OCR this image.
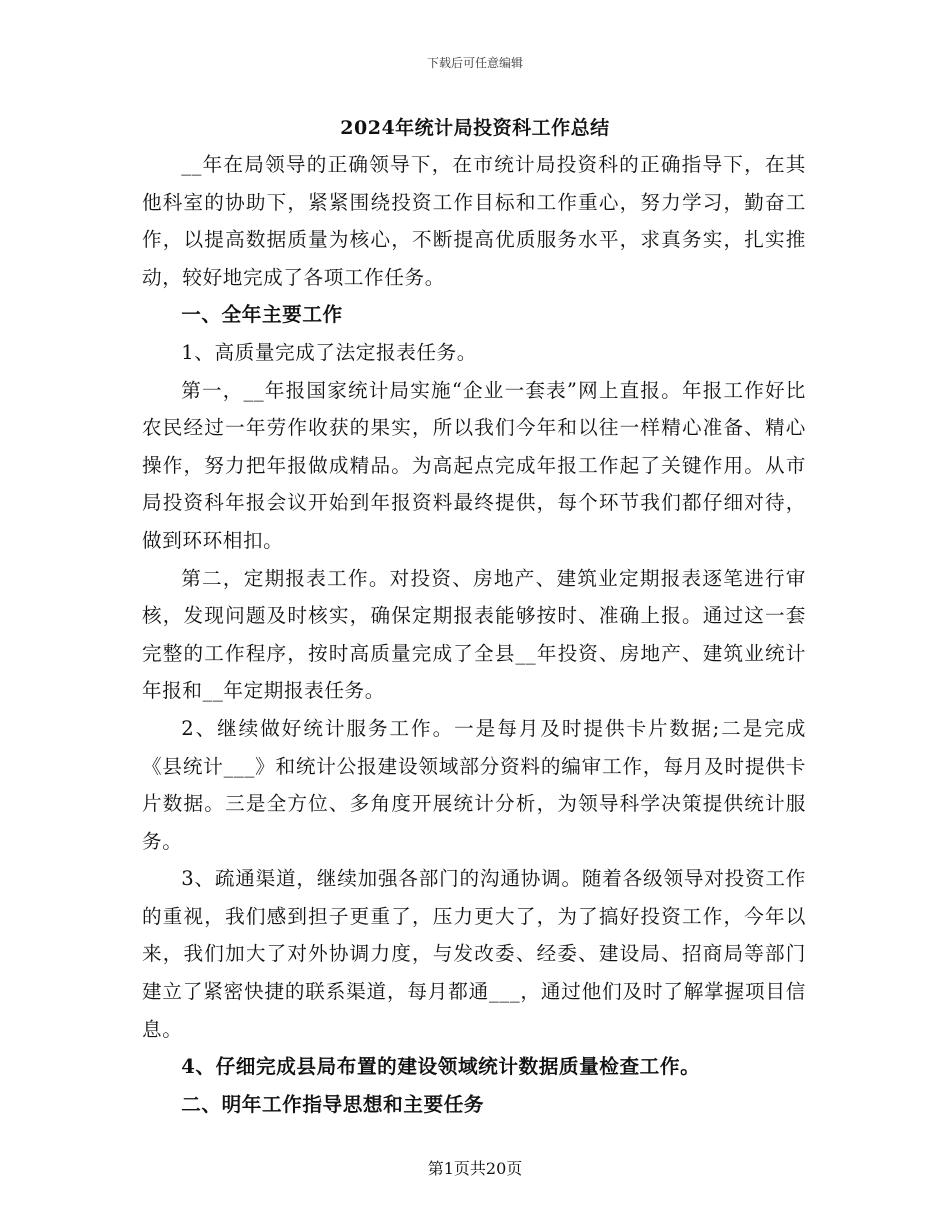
下载后可任意编辑
2024年统计局投资科工作总结

__年在局领导的正确领导下，在市统计局投资科的正确指导下，在其他科室的协助下，紧紧围绕投资工作目标和工作重心，努力学习，勤奋工作，以提高数据质量为核心，不断提高优质服务水平，求真务实，扎实推动，较好地完成了各项工作任务。

一、全年主要工作

1、高质量完成了法定报表任务。

第一，__年报国家统计局实施“企业一套表”网上直报。年报工作好比农民经过一年劳作收获的果实，所以我们今年和以往一样精心准备、精心操作，努力把年报做成精品。为高起点完成年报工作起了关键作用。从市局投资科年报会议开始到年报资料最终提供，每个环节我们都仔细对待，做到环环相扣。

第二，定期报表工作。对投资、房地产、建筑业定期报表逐笔进行审核，发现问题及时核实，确保定期报表能够按时、准确上报。通过这一套完整的工作程序，按时高质量完成了全县__年投资、房地产、建筑业统计年报和__年定期报表任务。

2、继续做好统计服务工作。一是每月及时提供卡片数据;二是完成《县统计___》和统计公报建设领域部分资料的编审工作，每月及时提供卡片数据。三是全方位、多角度开展统计分析，为领导科学决策提供统计服务。

3、疏通渠道，继续加强各部门的沟通协调。随着各级领导对投资工作的重视，我们感到担子更重了，压力更大了，为了搞好投资工作，今年以来，我们加大了对外协调力度，与发改委、经委、建设局、招商局等部门建立了紧密快捷的联系渠道，每月都通___，通过他们及时了解掌握项目信息。

4、仔细完成县局布置的建设领域统计数据质量检查工作。

二、明年工作指导思想和主要任务

第1页共20页
